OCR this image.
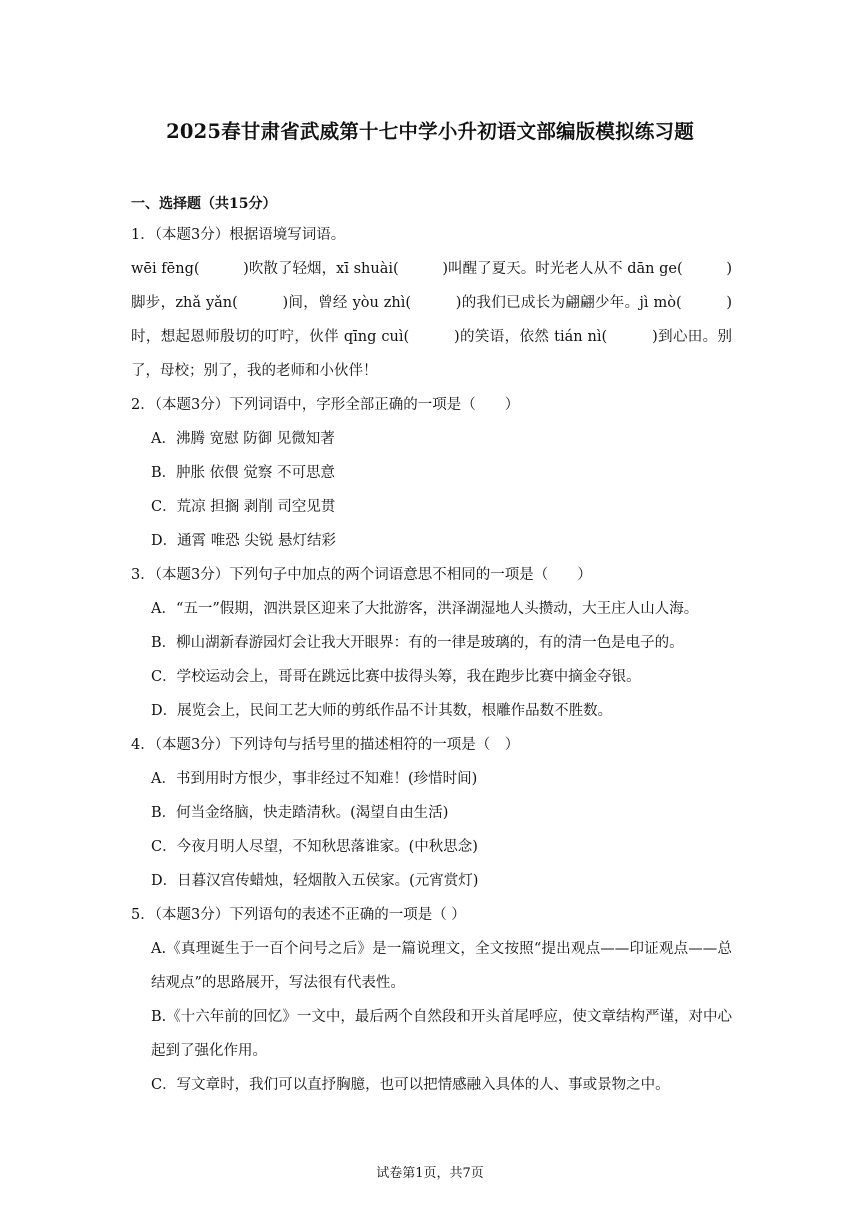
2025春甘肃省武威第十七中学小升初语文部编版模拟练习题
一、选择题（共15分）
1．（本题3分）根据语境写词语。
wēi fēng(　　　)吹散了轻烟，xī shuài(　　　)叫醒了夏天。时光老人从不 dān ge(　　　)脚步，zhǎ yǎn(　　　)间，曾经 yòu zhì(　　　)的我们已成长为翩翩少年。jì mò(　　　)时，想起恩师殷切的叮咛，伙伴 qīng cuì(　　　)的笑语，依然 tián nì(　　　)到心田。别了，母校；别了，我的老师和小伙伴！
2．（本题3分）下列词语中，字形全部正确的一项是（　　）
A．沸腾 宽慰 防御 见微知著
B．肿胀 依偎 觉察 不可思意
C．荒凉 担搁 剥削 司空见贯
D．通霄 唯恐 尖锐 悬灯结彩
3．（本题3分）下列句子中加点的两个词语意思不相同的一项是（　　）
A．“五一”假期，泗洪景区迎来了大批游客，洪泽湖湿地人头攒动，大王庄人山人海。
B．柳山湖新春游园灯会让我大开眼界：有的一律是玻璃的，有的清一色是电子的。
C．学校运动会上，哥哥在跳远比赛中拔得头筹，我在跑步比赛中摘金夺银。
D．展览会上，民间工艺大师的剪纸作品不计其数，根雕作品数不胜数。
4．（本题3分）下列诗句与括号里的描述相符的一项是（　）
A．书到用时方恨少，事非经过不知难！(珍惜时间)
B．何当金络脑，快走踏清秋。(渴望自由生活)
C．今夜月明人尽望，不知秋思落谁家。(中秋思念)
D．日暮汉宫传蜡烛，轻烟散入五侯家。(元宵赏灯)
5．（本题3分）下列语句的表述不正确的一项是（ ）
A.《真理诞生于一百个问号之后》是一篇说理文，全文按照“提出观点——印证观点——总结观点”的思路展开，写法很有代表性。
B.《十六年前的回忆》一文中，最后两个自然段和开头首尾呼应，使文章结构严谨，对中心起到了强化作用。
C．写文章时，我们可以直抒胸臆，也可以把情感融入具体的人、事或景物之中。
试卷第1页，共7页
